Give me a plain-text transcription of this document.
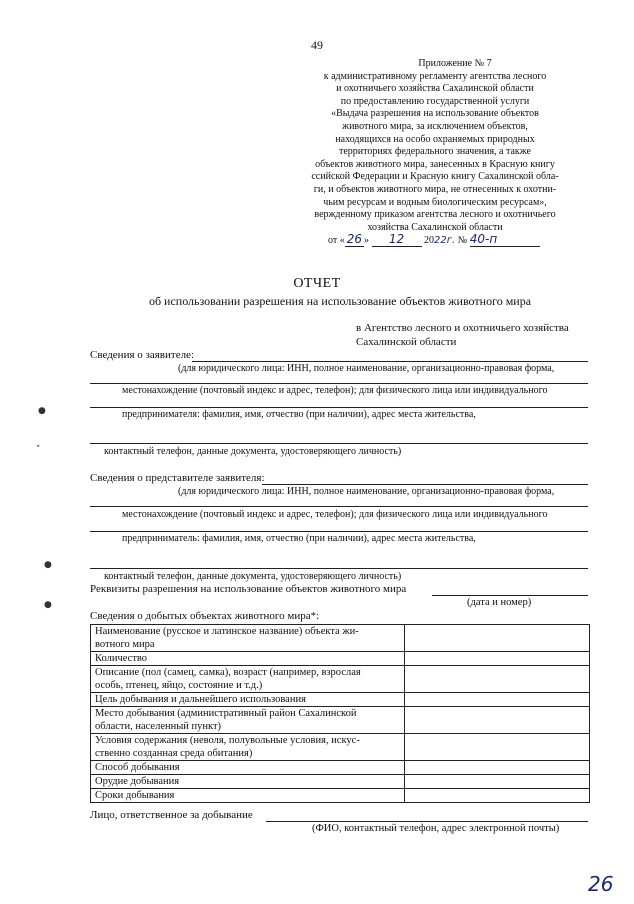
49
Приложение № 7
к административному регламенту агентства лесного
и охотничьего хозяйства Сахалинской области
по предоставлению государственной услуги
«Выдача разрешения на использование объектов
животного мира, за исключением объектов,
находящихся на особо охраняемых природных
территориях федерального значения, а также
объектов животного мира, занесенных в Красную книгу
ссийской Федерации и Красную книгу Сахалинской обла-
ги, и объектов животного мира, не отнесенных к охотни-
чьим ресурсам и водным биологическим ресурсам»,
вержденному приказом агентства лесного и охотничьего
хозяйства Сахалинской области
от « 26 » 12 2022г. № 40-п
ОТЧЕТ
об использовании разрешения на использование объектов животного мира
в Агентство лесного и охотничьего хозяйства
Сахалинской области
Сведения о заявителе:
(для юридического лица: ИНН, полное наименование, организационно-правовая форма,
местонахождение (почтовый индекс и адрес, телефон); для физического лица или индивидуального
предпринимателя: фамилия, имя, отчество (при наличии), адрес места жительства,
контактный телефон, данные документа, удостоверяющего личность)
Сведения о представителе заявителя:
(для юридического лица: ИНН, полное наименование, организационно-правовая форма,
местонахождение (почтовый индекс и адрес, телефон); для физического лица или индивидуального
предприниматель: фамилия, имя, отчество (при наличии), адрес места жительства,
контактный телефон, данные документа, удостоверяющего личность)
Реквизиты разрешения на использование объектов животного мира
(дата и номер)
Сведения о добытых объектах животного мира*:
Наименование (русское и латинское название) объекта жи-
вотного мира	

Количество	

Описание (пол (самец, самка), возраст (например, взрослая
особь, птенец, яйцо, состояние и т.д.)	

Цель добывания и дальнейшего использования	

Место добывания (административный район Сахалинской
области, населенный пункт)	

Условия содержания (неволя, полувольные условия, искус-
ственно созданная среда обитания)	

Способ добывания	

Орудие добывания	

Сроки добывания	

Лицо, ответственное за добывание
(ФИО, контактный телефон, адрес электронной почты)
26
●
˅
●
●
